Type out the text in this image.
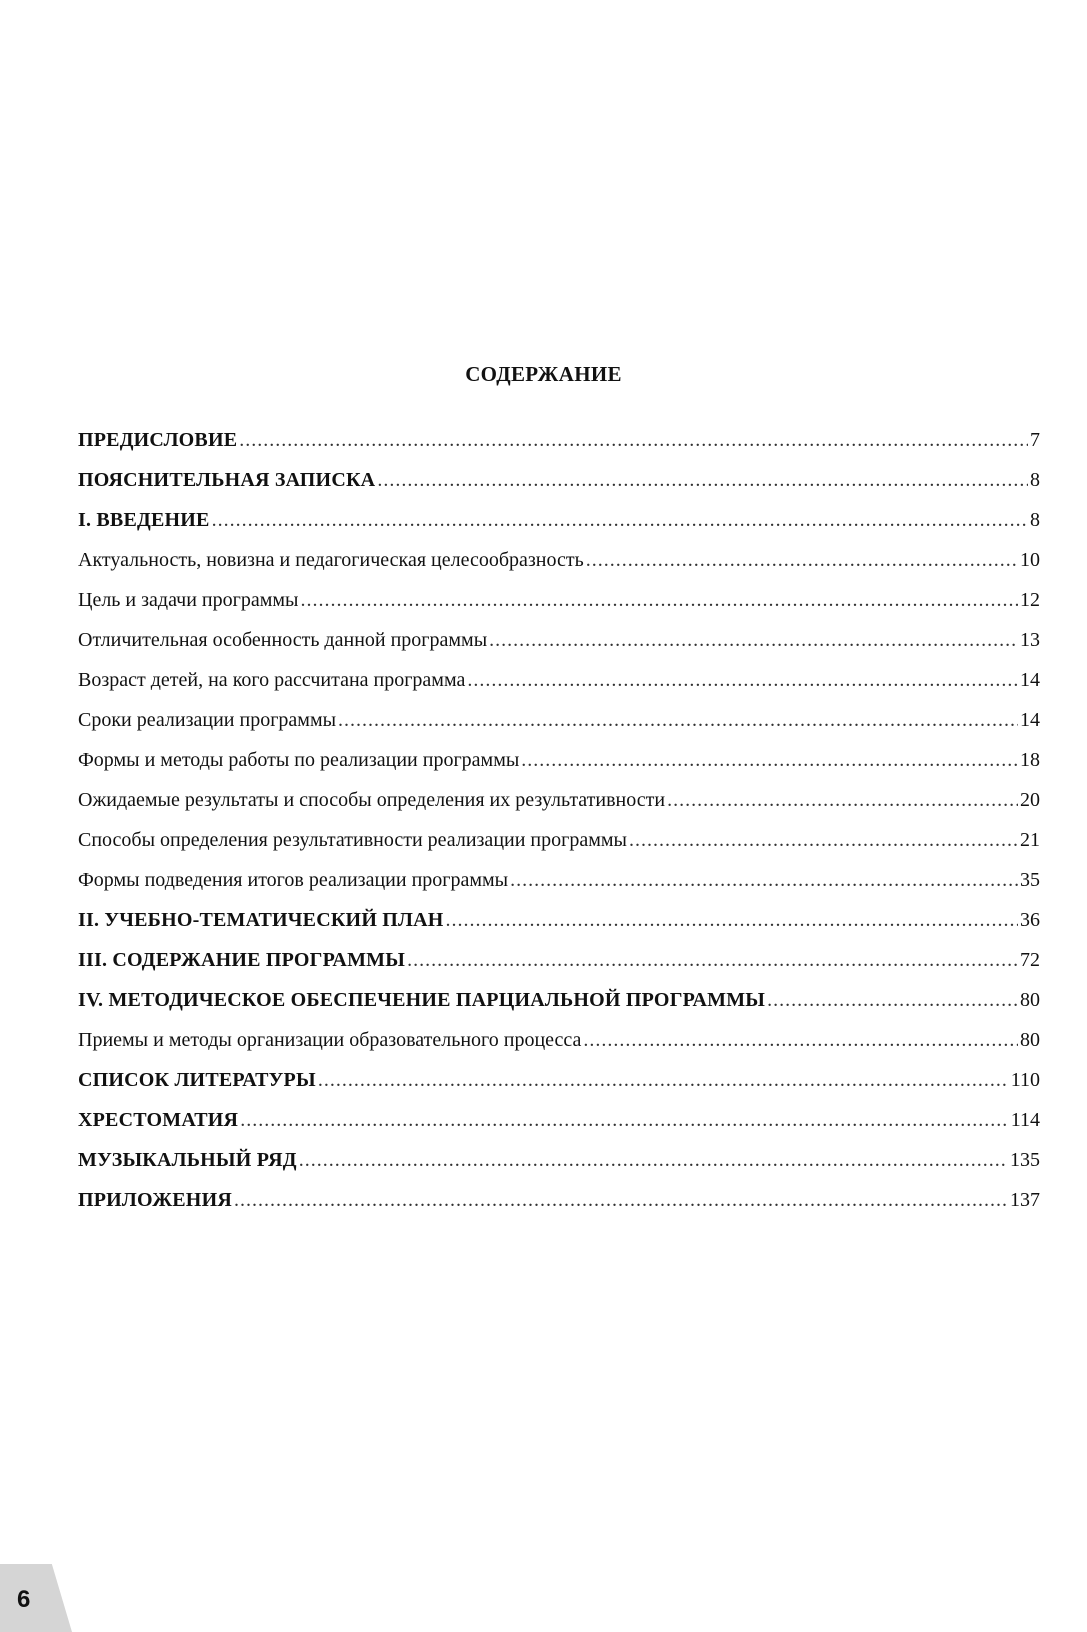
СОДЕРЖАНИЕ
ПРЕДИСЛОВИЕ .....	7
ПОЯСНИТЕЛЬНАЯ ЗАПИСКА .....	8
I. ВВЕДЕНИЕ .....	8
Актуальность, новизна и педагогическая целесообразность .....	10
Цель и задачи программы .....	12
Отличительная особенность данной программы .....	13
Возраст детей, на кого рассчитана программа .....	14
Сроки реализации программы .....	14
Формы и методы работы по реализации программы .....	18
Ожидаемые результаты и способы определения их результативности .....	20
Способы определения результативности реализации программы .....	21
Формы подведения итогов реализации программы .....	35
II. УЧЕБНО-ТЕМАТИЧЕСКИЙ ПЛАН .....	36
III. СОДЕРЖАНИЕ ПРОГРАММЫ .....	72
IV. МЕТОДИЧЕСКОЕ ОБЕСПЕЧЕНИЕ ПАРЦИАЛЬНОЙ ПРОГРАММЫ .....	80
Приемы и методы организации образовательного процесса .....	80
СПИСОК ЛИТЕРАТУРЫ .....	110
ХРЕСТОМАТИЯ .....	114
МУЗЫКАЛЬНЫЙ РЯД .....	135
ПРИЛОЖЕНИЯ .....	137
6
